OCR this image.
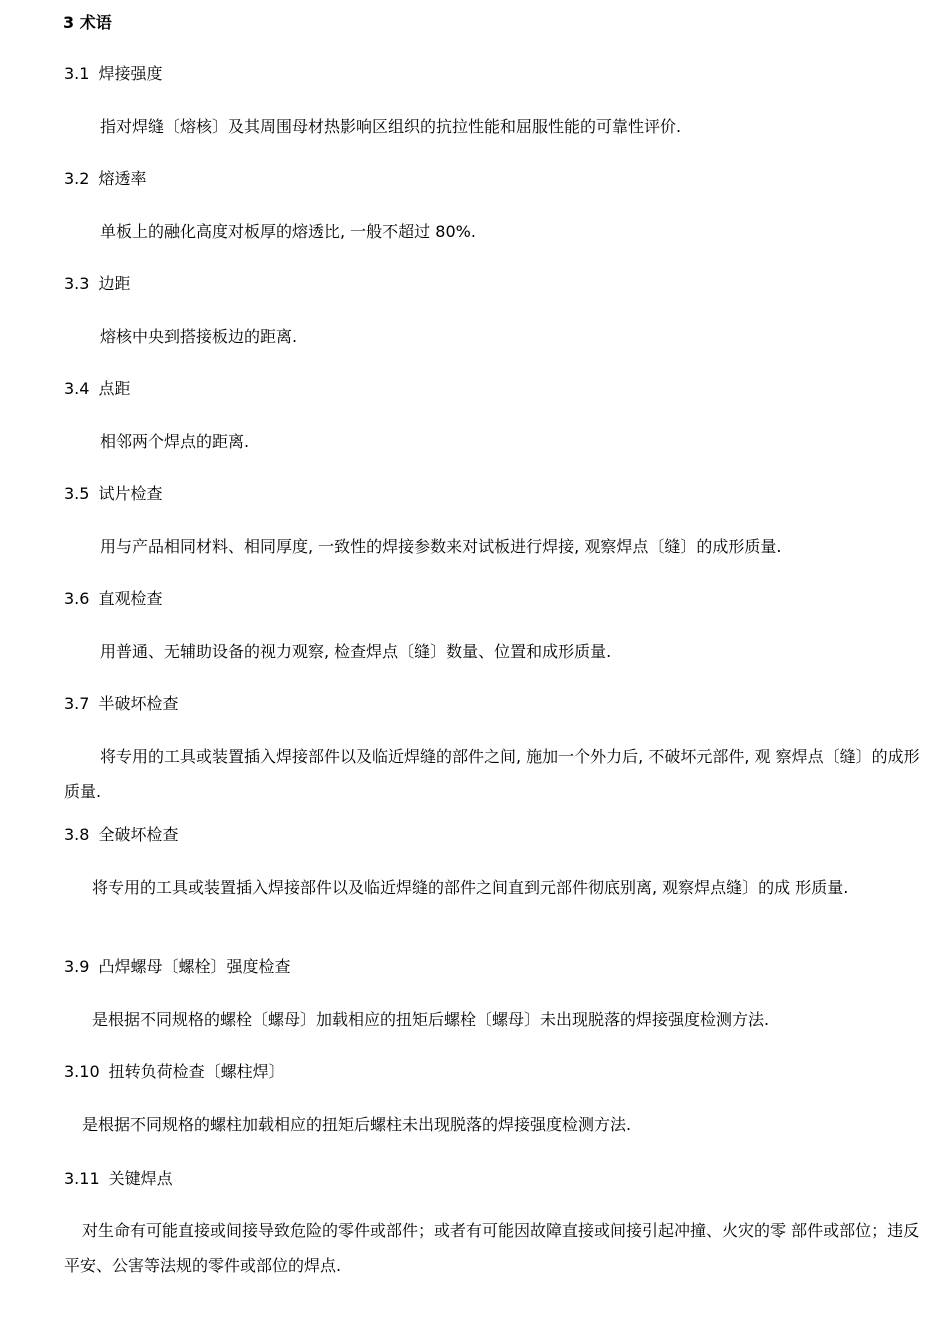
3 术语
3.1 焊接强度

指对焊缝〔熔核〕及其周围母材热影响区组织的抗拉性能和屈服性能的可靠性评价.

3.2 熔透率

单板上的融化高度对板厚的熔透比, 一般不超过 80%.

3.3 边距

熔核中央到搭接板边的距离.

3.4 点距

相邻两个焊点的距离.

3.5 试片检查

用与产品相同材料、相同厚度, 一致性的焊接参数来对试板进行焊接, 观察焊点〔缝〕的成形质量.

3.6 直观检查

用普通、无辅助设备的视力观察, 检查焊点〔缝〕数量、位置和成形质量.

3.7 半破坏检查

将专用的工具或装置插入焊接部件以及临近焊缝的部件之间, 施加一个外力后, 不破坏元部件, 观 察焊点〔缝〕的成形质量.

3.8 全破坏检查

将专用的工具或装置插入焊接部件以及临近焊缝的部件之间直到元部件彻底别离, 观察焊点缝〕的成 形质量.

3.9 凸焊螺母〔螺栓〕强度检查

是根据不同规格的螺栓〔螺母〕加载相应的扭矩后螺栓〔螺母〕未出现脱落的焊接强度检测方法.

3.10 扭转负荷检查〔螺柱焊〕

是根据不同规格的螺柱加载相应的扭矩后螺柱未出现脱落的焊接强度检测方法.

3.11 关键焊点

对生命有可能直接或间接导致危险的零件或部件；或者有可能因故障直接或间接引起冲撞、火灾的零 部件或部位；违反平安、公害等法规的零件或部位的焊点.
